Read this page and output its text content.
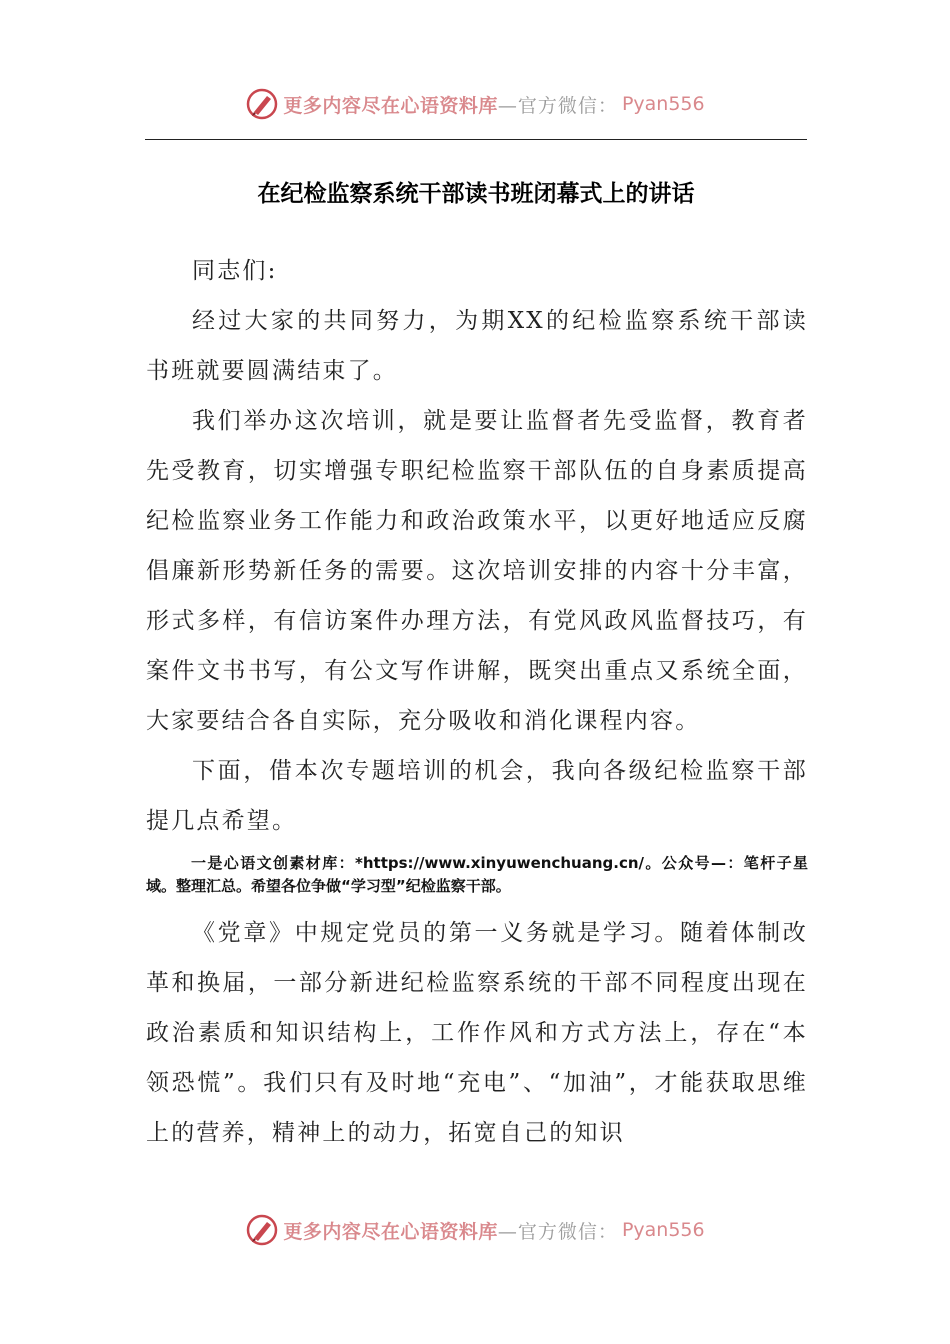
更多内容尽在心语资料库 —官方微信： Pyan556
在纪检监察系统干部读书班闭幕式上的讲话

同志们:

经过大家的共同努力，为期XX的纪检监察系统干部读书班就要圆满结束了。

我们举办这次培训，就是要让监督者先受监督，教育者先受教育，切实增强专职纪检监察干部队伍的自身素质提高纪检监察业务工作能力和政治政策水平，以更好地适应反腐倡廉新形势新任务的需要。这次培训安排的内容十分丰富，形式多样，有信访案件办理方法，有党风政风监督技巧，有案件文书书写，有公文写作讲解，既突出重点又系统全面，大家要结合各自实际，充分吸收和消化课程内容。

下面，借本次专题培训的机会，我向各级纪检监察干部提几点希望。

一是心语文创素材库：*https://www.xinyuwenchuang.cn/。公众号—：笔杆子星域。整理汇总。希望各位争做“学习型”纪检监察干部。

《党章》中规定党员的第一义务就是学习。随着体制改革和换届，一部分新进纪检监察系统的干部不同程度出现在政治素质和知识结构上，工作作风和方式方法上，存在“本领恐慌”。我们只有及时地“充电”、“加油”，才能获取思维上的营养，精神上的动力，拓宽自己的知识

更多内容尽在心语资料库 —官方微信： Pyan556
